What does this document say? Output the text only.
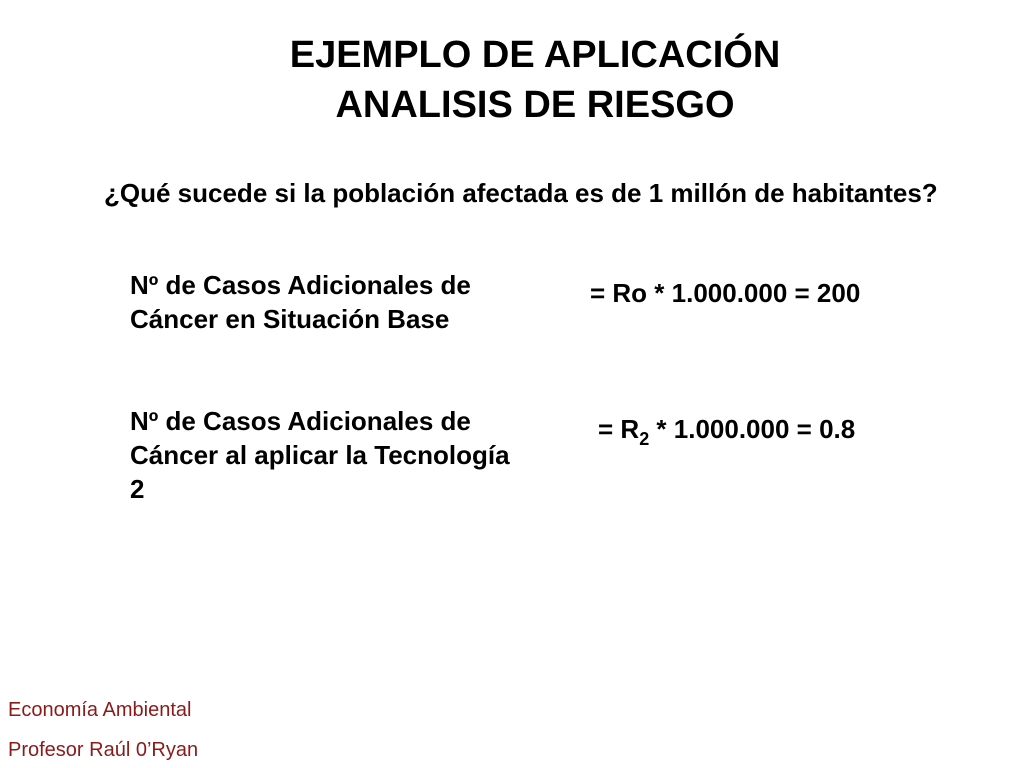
EJEMPLO DE APLICACIÓN
ANALISIS DE RIESGO
¿Qué sucede si la población afectada es de 1 millón de habitantes?
Nº de Casos Adicionales de Cáncer en Situación Base
= Ro * 1.000.000 = 200
Nº de Casos Adicionales de Cáncer al aplicar la Tecnología 2
= $R_2 * 1.000.000 = 0.8$
Economía Ambiental
Profesor Raúl 0’Ryan
